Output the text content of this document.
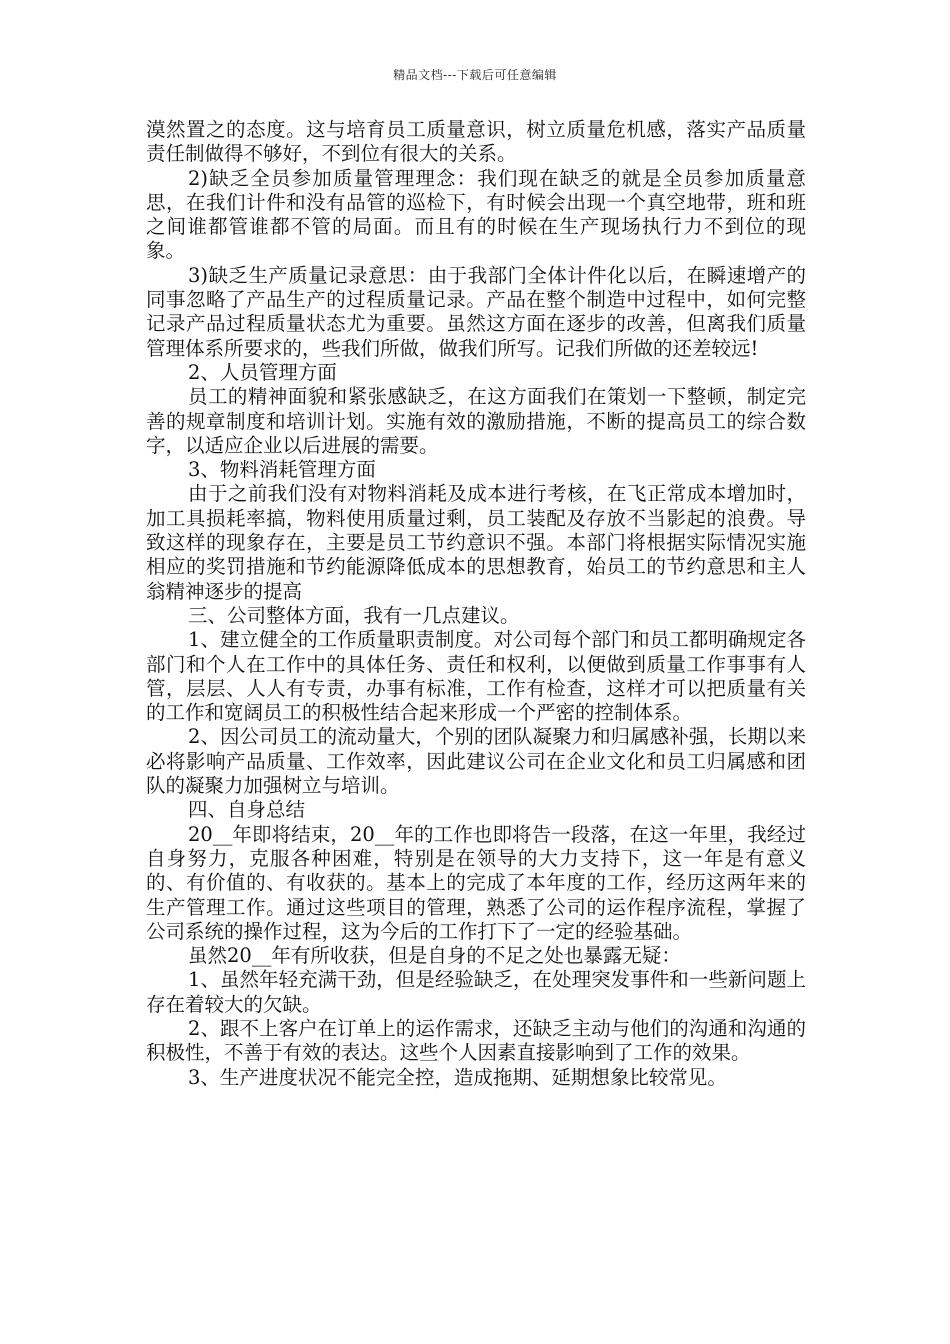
精品文档---下载后可任意编辑

漠然置之的态度。这与培育员工质量意识，树立质量危机感，落实产品质量责任制做得不够好，不到位有很大的关系。

2)缺乏全员参加质量管理理念：我们现在缺乏的就是全员参加质量意思，在我们计件和没有品管的巡检下，有时候会出现一个真空地带，班和班之间谁都管谁都不管的局面。而且有的时候在生产现场执行力不到位的现象。

3)缺乏生产质量记录意思：由于我部门全体计件化以后，在瞬速增产的同事忽略了产品生产的过程质量记录。产品在整个制造中过程中，如何完整记录产品过程质量状态尤为重要。虽然这方面在逐步的改善，但离我们质量管理体系所要求的，些我们所做，做我们所写。记我们所做的还差较远!

2、人员管理方面

员工的精神面貌和紧张感缺乏，在这方面我们在策划一下整顿，制定完善的规章制度和培训计划。实施有效的激励措施，不断的提高员工的综合数字，以适应企业以后进展的需要。

3、物料消耗管理方面

由于之前我们没有对物料消耗及成本进行考核，在飞正常成本增加时，加工具损耗率搞，物料使用质量过剩，员工装配及存放不当影起的浪费。导致这样的现象存在，主要是员工节约意识不强。本部门将根据实际情况实施相应的奖罚措施和节约能源降低成本的思想教育，始员工的节约意思和主人翁精神逐步的提高

三、公司整体方面，我有一几点建议。

1、建立健全的工作质量职责制度。对公司每个部门和员工都明确规定各部门和个人在工作中的具体任务、责任和权利，以便做到质量工作事事有人管，层层、人人有专责，办事有标准，工作有检查，这样才可以把质量有关的工作和宽阔员工的积极性结合起来形成一个严密的控制体系。

2、因公司员工的流动量大，个别的团队凝聚力和归属感补强，长期以来必将影响产品质量、工作效率，因此建议公司在企业文化和员工归属感和团队的凝聚力加强树立与培训。

四、自身总结

20__年即将结束，20__年的工作也即将告一段落，在这一年里，我经过自身努力，克服各种困难，特别是在领导的大力支持下，这一年是有意义的、有价值的、有收获的。基本上的完成了本年度的工作，经历这两年来的生产管理工作。通过这些项目的管理，熟悉了公司的运作程序流程，掌握了公司系统的操作过程，这为今后的工作打下了一定的经验基础。

虽然20__年有所收获，但是自身的不足之处也暴露无疑：

1、虽然年轻充满干劲，但是经验缺乏，在处理突发事件和一些新问题上存在着较大的欠缺。

2、跟不上客户在订单上的运作需求，还缺乏主动与他们的沟通和沟通的积极性，不善于有效的表达。这些个人因素直接影响到了工作的效果。

3、生产进度状况不能完全控，造成拖期、延期想象比较常见。
